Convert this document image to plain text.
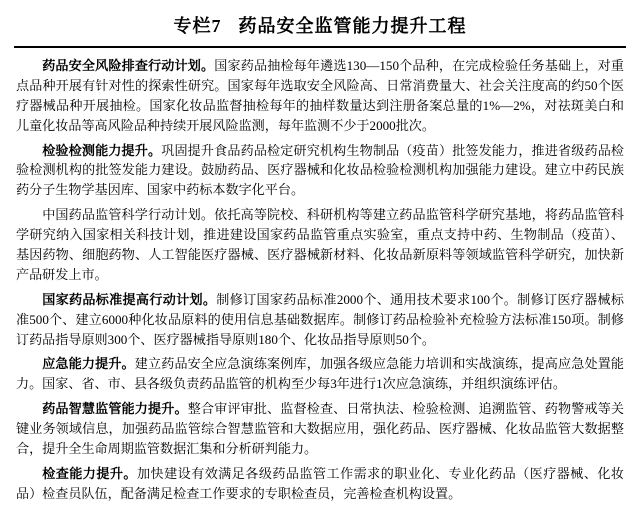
专栏7 药品安全监管能力提升工程

药品安全风险排查行动计划。国家药品抽检每年遴选130—150个品种，在完成检验任务基础上，对重点品种开展有针对性的探索性研究。国家每年选取安全风险高、日常消费量大、社会关注度高的约50个医疗器械品种开展抽检。国家化妆品监督抽检每年的抽样数量达到注册备案总量的1%—2%，对祛斑美白和儿童化妆品等高风险品种持续开展风险监测，每年监测不少于2000批次。

检验检测能力提升。巩固提升食品药品检定研究机构生物制品（疫苗）批签发能力，推进省级药品检验检测机构的批签发能力建设。鼓励药品、医疗器械和化妆品检验检测机构加强能力建设。建立中药民族药分子生物学基因库、国家中药标本数字化平台。

中国药品监管科学行动计划。依托高等院校、科研机构等建立药品监管科学研究基地，将药品监管科学研究纳入国家相关科技计划，推进建设国家药品监管重点实验室，重点支持中药、生物制品（疫苗）、基因药物、细胞药物、人工智能医疗器械、医疗器械新材料、化妆品新原料等领域监管科学研究，加快新产品研发上市。

国家药品标准提高行动计划。制修订国家药品标准2000个、通用技术要求100个。制修订医疗器械标准500个、建立6000种化妆品原料的使用信息基础数据库。制修订药品检验补充检验方法标准150项。制修订药品指导原则300个、医疗器械指导原则180个、化妆品指导原则50个。

应急能力提升。建立药品安全应急演练案例库，加强各级应急能力培训和实战演练，提高应急处置能力。国家、省、市、县各级负责药品监管的机构至少每3年进行1次应急演练，并组织演练评估。

药品智慧监管能力提升。整合审评审批、监督检查、日常执法、检验检测、追溯监管、药物警戒等关键业务领域信息，加强药品监管综合智慧监管和大数据应用，强化药品、医疗器械、化妆品监管大数据整合，提升全生命周期监管数据汇集和分析研判能力。

检查能力提升。加快建设有效满足各级药品监管工作需求的职业化、专业化药品（医疗器械、化妆品）检查员队伍，配备满足检查工作要求的专职检查员，完善检查机构设置。
